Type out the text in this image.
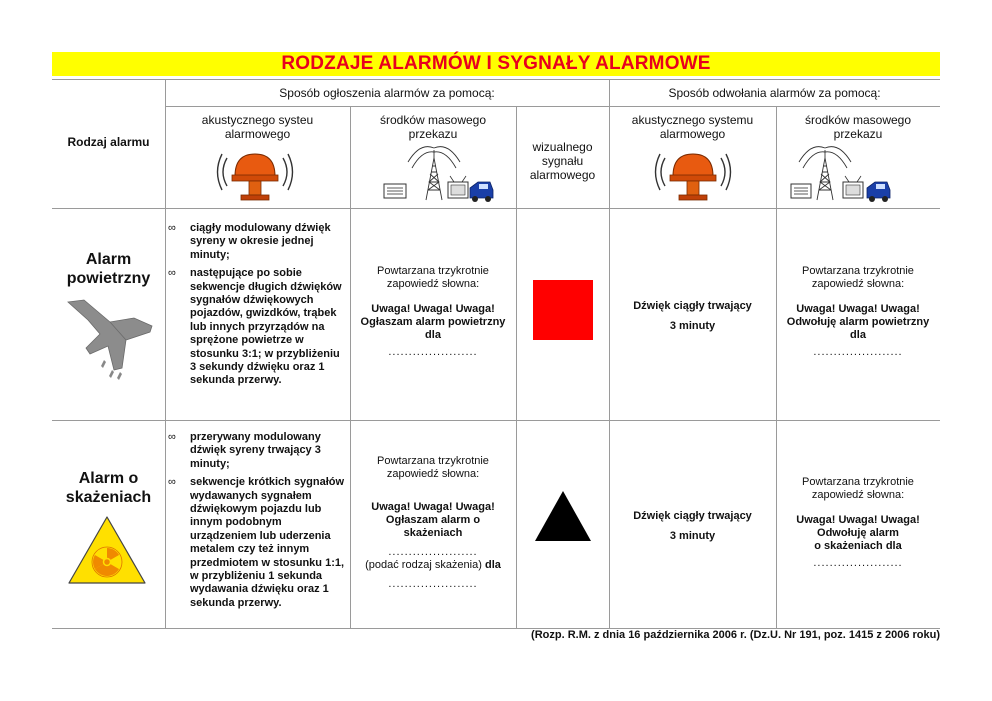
RODZAJE ALARMÓW I SYGNAŁY ALARMOWE
Rodzaj alarmu
Sposób ogłoszenia alarmów za pomocą:	Sposób odwołania alarmów za pomocą:
akustycznego systeu
alarmowego
środków masowego
przekazu
wizualnego
sygnału
alarmowego
akustycznego systemu
alarmowego
środków masowego
przekazu
Alarm
powietrzny
∞ ciągły modulowany dźwięk syreny w okresie jednej minuty;
∞ następujące po sobie sekwencje długich dźwięków sygnałów dźwiękowych pojazdów, gwizdków, trąbek lub innych przyrządów na sprężone powietrze w stosunku 3:1; w przybliżeniu 3 sekundy dźwięku oraz 1 sekunda przerwy.
Powtarzana trzykrotnie
zapowiedź słowna:
Uwaga! Uwaga! Uwaga!
Ogłaszam alarm powietrzny
dla
......................
Dźwięk ciągły trwający
3 minuty
Powtarzana trzykrotnie
zapowiedź słowna:
Uwaga! Uwaga! Uwaga!
Odwołuję alarm powietrzny
dla
......................
Alarm o
skażeniach
∞ przerywany modulowany dźwięk syreny trwający 3 minuty;
∞ sekwencje krótkich sygnałów wydawanych sygnałem dźwiękowym pojazdu lub innym podobnym urządzeniem lub uderzenia metalem czy też innym przedmiotem w stosunku 1:1, w przybliżeniu 1 sekunda wydawania dźwięku oraz 1 sekunda przerwy.
Powtarzana trzykrotnie
zapowiedź słowna:
Uwaga! Uwaga! Uwaga!
Ogłaszam alarm o
skażeniach
......................
(podać rodzaj skażenia) dla
......................
Dźwięk ciągły trwający
3 minuty
Powtarzana trzykrotnie
zapowiedź słowna:
Uwaga! Uwaga! Uwaga!
Odwołuję alarm
o skażeniach dla
......................
(Rozp. R.M. z dnia 16 października 2006 r. (Dz.U. Nr 191, poz. 1415 z 2006 roku)
